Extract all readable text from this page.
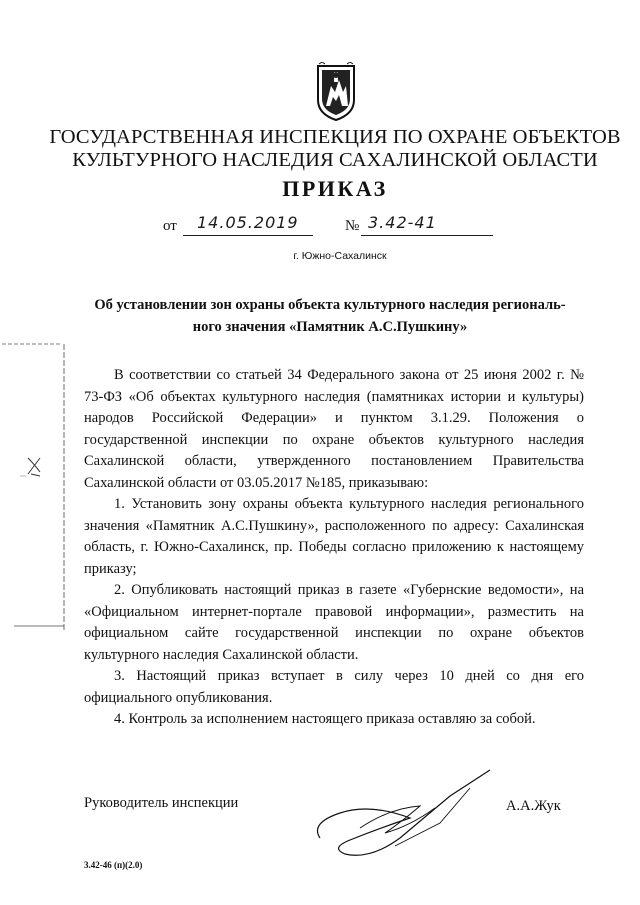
ГОСУДАРСТВЕННАЯ ИНСПЕКЦИЯ ПО ОХРАНЕ ОБЪЕКТОВ
КУЛЬТУРНОГО НАСЛЕДИЯ САХАЛИНСКОЙ ОБЛАСТИ
ПРИКАЗ
от 14.05.2019	№ 3.42-41
г. Южно-Сахалинск
Об установлении зон охраны объекта культурного наследия региональ-
ного значения «Памятник А.С.Пушкину»

В соответствии со статьей 34 Федерального закона от 25 июня 2002 г. № 73-ФЗ «Об объектах культурного наследия (памятниках истории и культуры) народов Российской Федерации» и пунктом 3.1.29. Положения о государственной инспекции по охране объектов культурного наследия Сахалинской области, утвержденного постановлением Правительства Сахалинской области от 03.05.2017 №185, приказываю:

1. Установить зону охраны объекта культурного наследия регионального значения «Памятник А.С.Пушкину», расположенного по адресу: Сахалинская область, г. Южно-Сахалинск, пр. Победы согласно приложению к настоящему приказу;

2. Опубликовать настоящий приказ в газете «Губернские ведомости», на «Официальном интернет-портале правовой информации», разместить на официальном сайте государственной инспекции по охране объектов культурного наследия Сахалинской области.

3. Настоящий приказ вступает в силу через 10 дней со дня его официального опубликования.

4. Контроль за исполнением настоящего приказа оставляю за собой.

Руководитель инспекции	А.А.Жук
3.42-46 (п)(2.0)
